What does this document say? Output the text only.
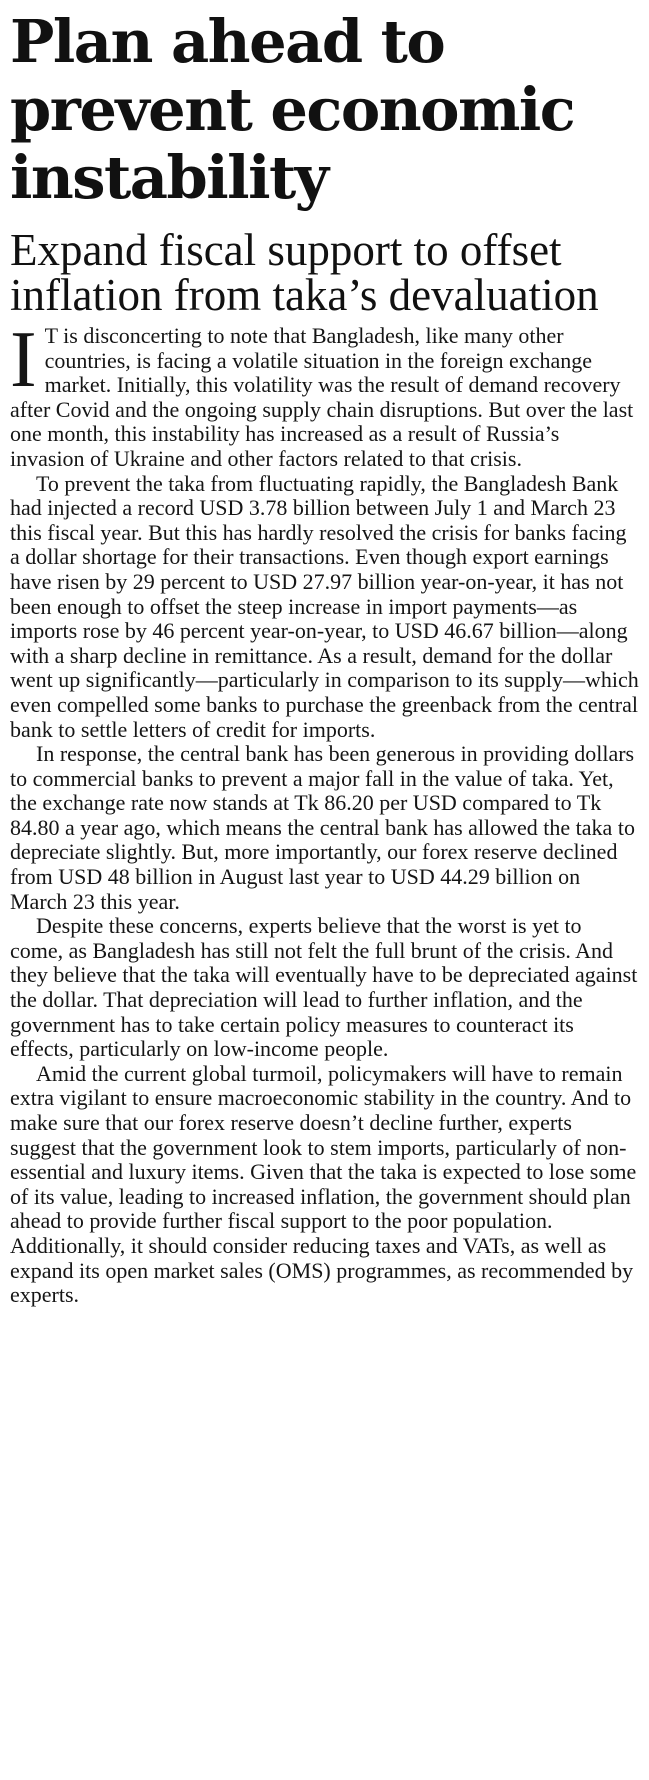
Plan ahead to prevent economic instability
Expand fiscal support to offset inflation from taka’s devaluation

I T is disconcerting to note that Bangladesh, like many other countries, is facing a volatile situation in the foreign exchange market. Initially, this volatility was the result of demand recovery after Covid and the ongoing supply chain disruptions. But over the last one month, this instability has increased as a result of Russia’s invasion of Ukraine and other factors related to that crisis.

To prevent the taka from fluctuating rapidly, the Bangladesh Bank had injected a record USD 3.78 billion between July 1 and March 23 this fiscal year. But this has hardly resolved the crisis for banks facing a dollar shortage for their transactions. Even though export earnings have risen by 29 percent to USD 27.97 billion year-on-year, it has not been enough to offset the steep increase in import payments—as imports rose by 46 percent year-on-year, to USD 46.67 billion—along with a sharp decline in remittance. As a result, demand for the dollar went up significantly—particularly in comparison to its supply—which even compelled some banks to purchase the greenback from the central bank to settle letters of credit for imports.

In response, the central bank has been generous in providing dollars to commercial banks to prevent a major fall in the value of taka. Yet, the exchange rate now stands at Tk 86.20 per USD compared to Tk 84.80 a year ago, which means the central bank has allowed the taka to depreciate slightly. But, more importantly, our forex reserve declined from USD 48 billion in August last year to USD 44.29 billion on March 23 this year.

Despite these concerns, experts believe that the worst is yet to come, as Bangladesh has still not felt the full brunt of the crisis. And they believe that the taka will eventually have to be depreciated against the dollar. That depreciation will lead to further inflation, and the government has to take certain policy measures to counteract its effects, particularly on low-income people.

Amid the current global turmoil, policymakers will have to remain extra vigilant to ensure macroeconomic stability in the country. And to make sure that our forex reserve doesn’t decline further, experts suggest that the government look to stem imports, particularly of non-essential and luxury items. Given that the taka is expected to lose some of its value, leading to increased inflation, the government should plan ahead to provide further fiscal support to the poor population. Additionally, it should consider reducing taxes and VATs, as well as expand its open market sales (OMS) programmes, as recommended by experts.
